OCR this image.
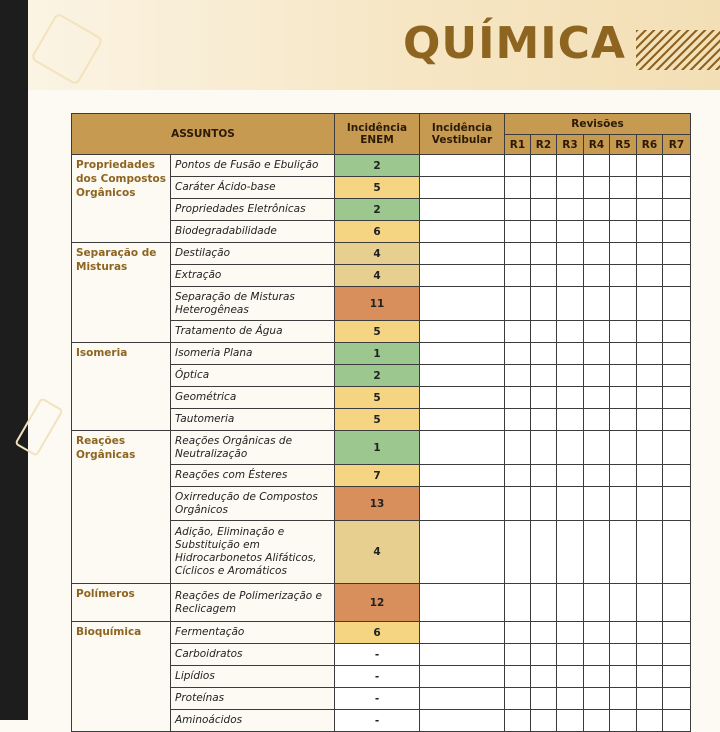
QUÍMICA
ASSUNTOS		Incidência ENEM	Incidência Vestibular	Revisões						
				R1	R2	R3	R4	R5	R6	R7
Propriedades dos Compostos Orgânicos	Pontos de Fusão e Ebulição	2								
	Caráter Ácido-base	5								
	Propriedades Eletrônicas	2								
	Biodegradabilidade	6								
Separação de Misturas	Destilação	4								
	Extração	4								
	Separação de Misturas Heterogêneas	11								
	Tratamento de Água	5								
Isomeria	Isomeria Plana	1								
	Óptica	2								
	Geométrica	5								
	Tautomeria	5								
Reações Orgânicas	Reações Orgânicas de Neutralização	1								
	Reações com Ésteres	7								
	Oxirredução de Compostos Orgânicos	13								
	Adição, Eliminação e Substituição em Hidrocarbonetos Alifáticos, Cíclicos e Aromáticos	4								
Polímeros	Reações de Polimerização e Reclicagem	12								
Bioquímica	Fermentação	6								
	Carboidratos	-								
	Lipídios	-								
	Proteínas	-								
	Aminoácidos	-								
